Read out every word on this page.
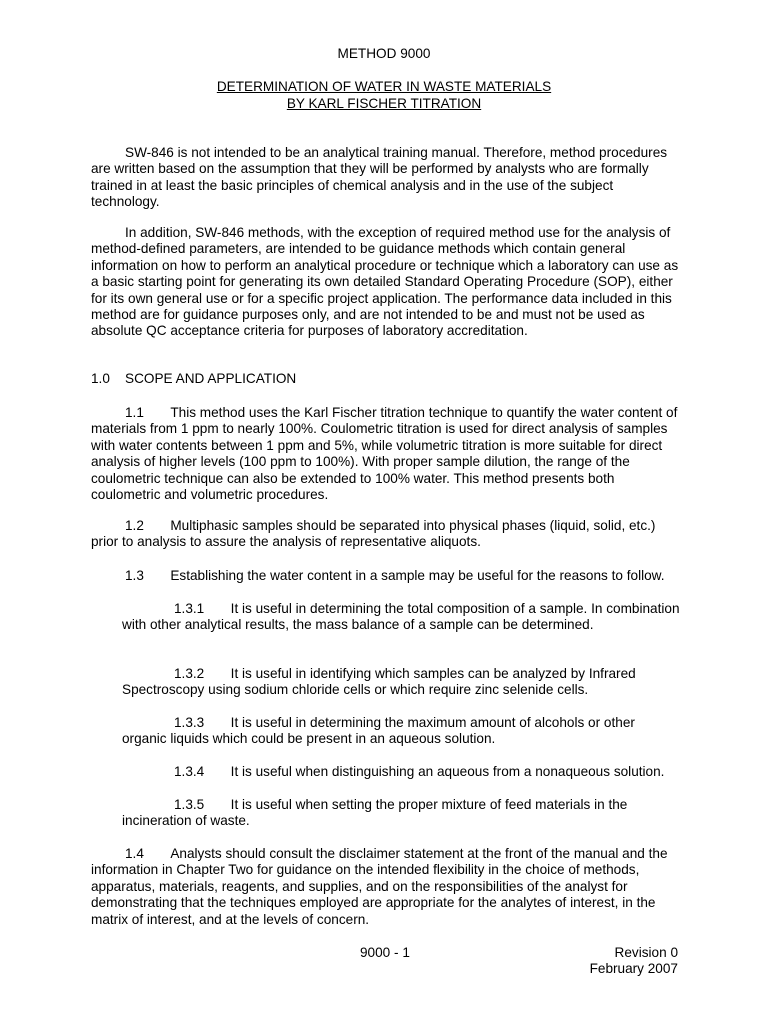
METHOD 9000
DETERMINATION OF WATER IN WASTE MATERIALS
BY KARL FISCHER TITRATION

SW-846 is not intended to be an analytical training manual. Therefore, method procedures are written based on the assumption that they will be performed by analysts who are formally trained in at least the basic principles of chemical analysis and in the use of the subject technology.

In addition, SW-846 methods, with the exception of required method use for the analysis of method-defined parameters, are intended to be guidance methods which contain general information on how to perform an analytical procedure or technique which a laboratory can use as a basic starting point for generating its own detailed Standard Operating Procedure (SOP), either for its own general use or for a specific project application. The performance data included in this method are for guidance purposes only, and are not intended to be and must not be used as absolute QC acceptance criteria for purposes of laboratory accreditation.

1.0    SCOPE AND APPLICATION

1.1       This method uses the Karl Fischer titration technique to quantify the water content of materials from 1 ppm to nearly 100%. Coulometric titration is used for direct analysis of samples with water contents between 1 ppm and 5%, while volumetric titration is more suitable for direct analysis of higher levels (100 ppm to 100%). With proper sample dilution, the range of the coulometric technique can also be extended to 100% water. This method presents both coulometric and volumetric procedures.

1.2       Multiphasic samples should be separated into physical phases (liquid, solid, etc.) prior to analysis to assure the analysis of representative aliquots.

1.3       Establishing the water content in a sample may be useful for the reasons to follow.

1.3.1       It is useful in determining the total composition of a sample. In combination with other analytical results, the mass balance of a sample can be determined.

1.3.2       It is useful in identifying which samples can be analyzed by Infrared Spectroscopy using sodium chloride cells or which require zinc selenide cells.

1.3.3       It is useful in determining the maximum amount of alcohols or other organic liquids which could be present in an aqueous solution.

1.3.4       It is useful when distinguishing an aqueous from a nonaqueous solution.

1.3.5       It is useful when setting the proper mixture of feed materials in the incineration of waste.

1.4       Analysts should consult the disclaimer statement at the front of the manual and the information in Chapter Two for guidance on the intended flexibility in the choice of methods, apparatus, materials, reagents, and supplies, and on the responsibilities of the analyst for demonstrating that the techniques employed are appropriate for the analytes of interest, in the matrix of interest, and at the levels of concern.

9000 - 1	Revision 0
February 2007
